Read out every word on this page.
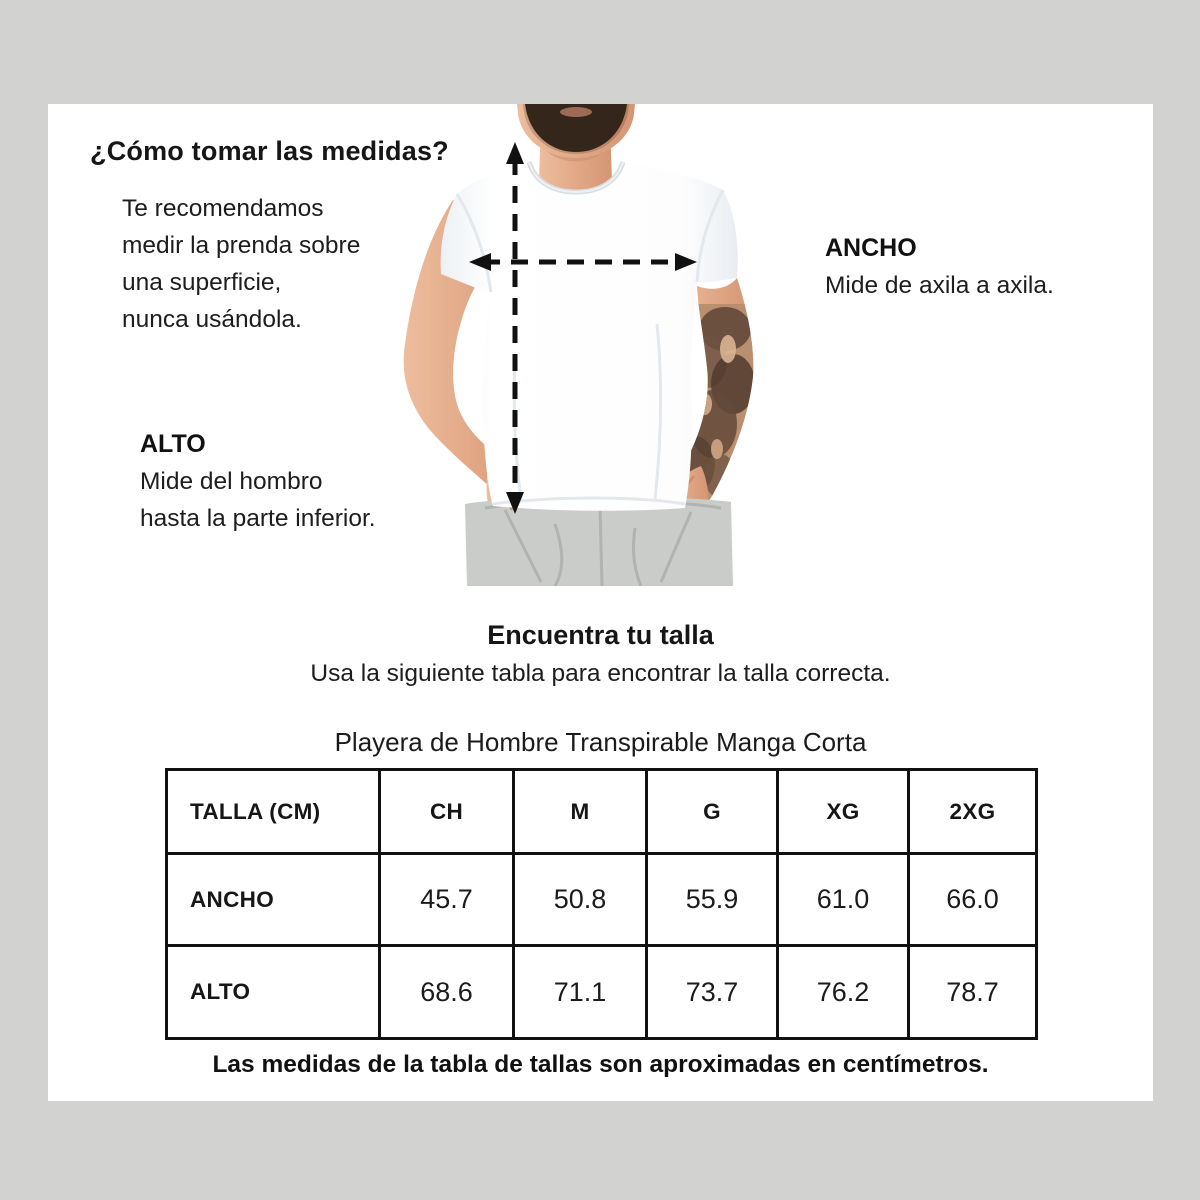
¿Cómo tomar las medidas?
Te recomendamos
medir la prenda sobre
una superficie,
nunca usándola.
ALTO
Mide del hombro
hasta la parte inferior.
ANCHO
Mide de axila a axila.
Encuentra tu talla
Usa la siguiente tabla para encontrar la talla correcta.
Playera de Hombre Transpirable Manga Corta
TALLA (CM)	CH	M	G	XG	2XG
ANCHO	45.7	50.8	55.9	61.0	66.0
ALTO	68.6	71.1	73.7	76.2	78.7
Las medidas de la tabla de tallas son aproximadas en centímetros.
